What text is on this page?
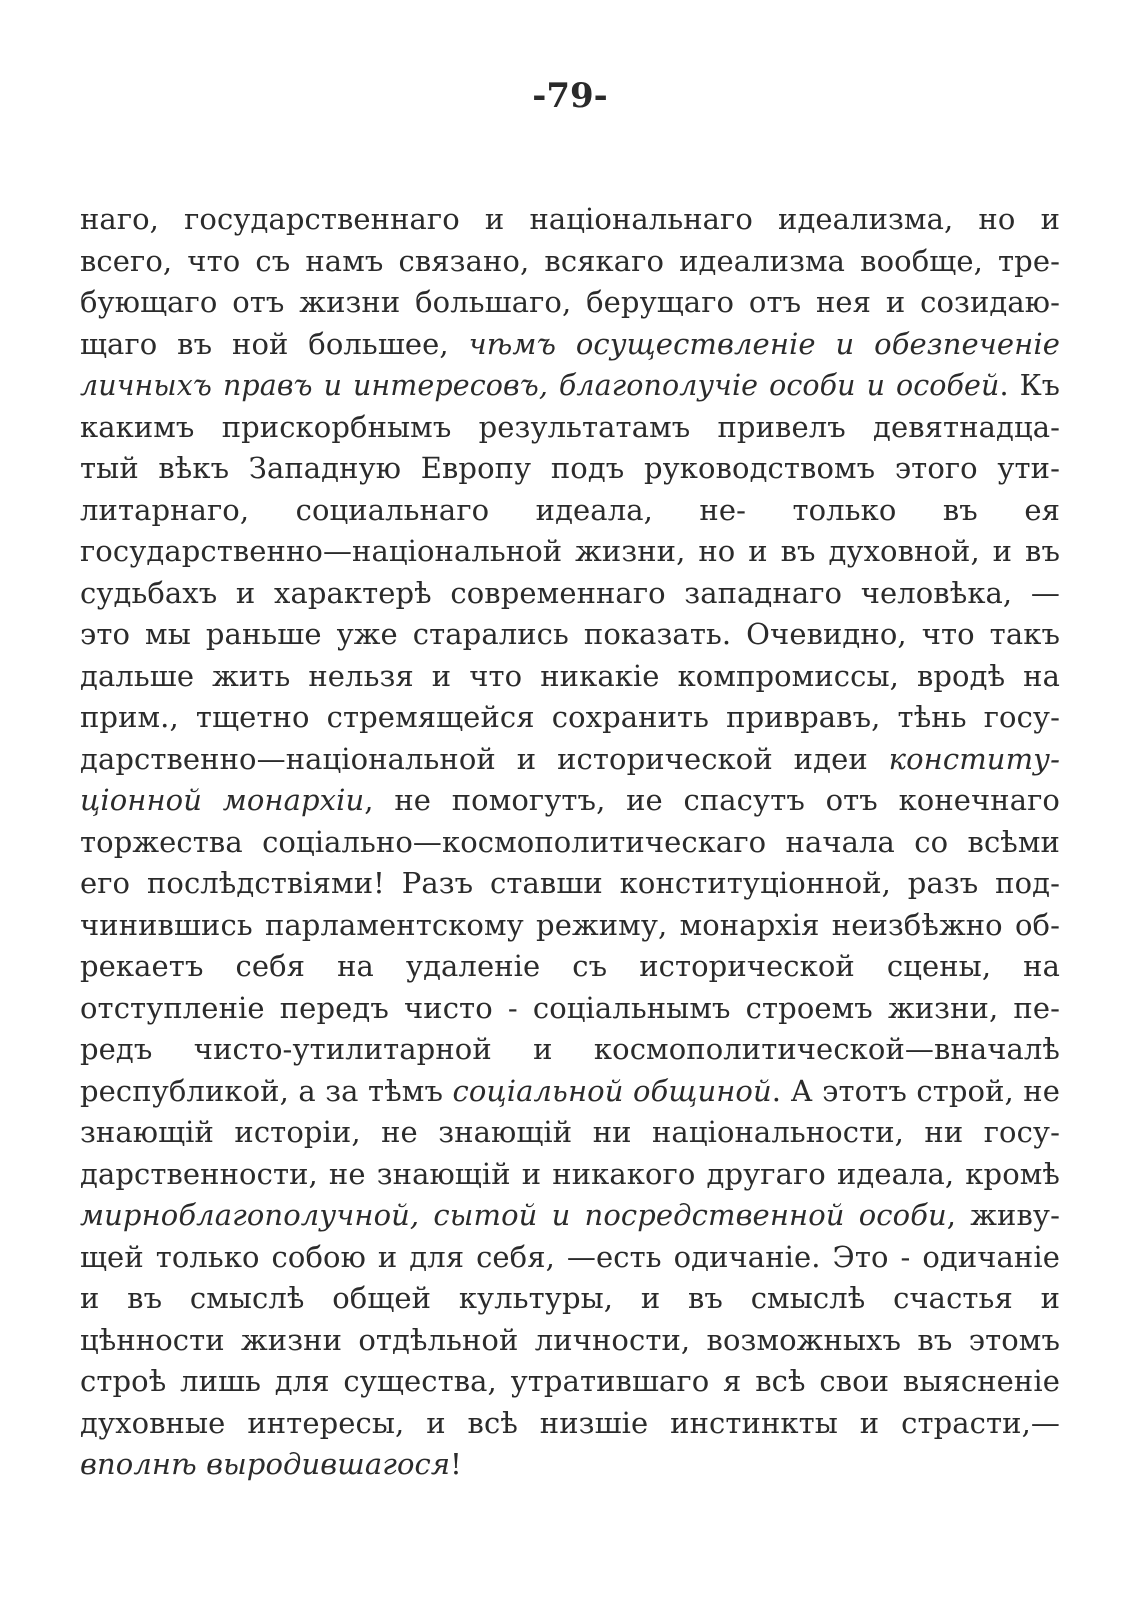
-79-
наго, государственнаго и національнаго идеализма, но и
всего, что съ намъ связано, всякаго идеализма вообще, тре-
бующаго отъ жизни большаго, берущаго отъ нея и созидаю-
щаго въ ной большее, чѣмъ осуществленіе и обезпеченіе
личныхъ правъ и интересовъ, благополучіе особи и особей. Къ
какимъ прискорбнымъ результатамъ привелъ девятнадца-
тый вѣкъ Западную Европу подъ руководствомъ этого ути-
литарнаго, социальнаго идеала, не- только въ ея
государственно—національной жизни, но и въ духовной, и въ
судьбахъ и характерѣ современнаго западнаго человѣка, —
это мы раньше уже старались показать. Очевидно, что такъ
дальше жить нельзя и что никакіе компромиссы, вродѣ на
прим., тщетно стремящейся сохранить привравъ, тѣнь госу-
дарственно—національной и исторической идеи конститу-
ціонной монархіи, не помогутъ, ие спасутъ отъ конечнаго
торжества соціально—космополитическаго начала со всѣми
его послѣдствіями! Разъ ставши конституціонной, разъ под-
чинившись парламентскому режиму, монархія неизбѣжно об-
рекаетъ себя на удаленіе съ исторической сцены, на
отступленіе передъ чисто - соціальнымъ строемъ жизни, пе-
редъ чисто-утилитарной и космополитической—вначалѣ
республикой, а за тѣмъ соціальной общиной. А этотъ строй, не
знающій исторіи, не знающій ни національности, ни госу-
дарственности, не знающій и никакого другаго идеала, кромѣ
мирноблагополучной, сытой и посредственной особи, живу-
щей только собою и для себя, —есть одичаніе. Это - одичаніе
и въ смыслѣ общей культуры, и въ смыслѣ счастья и
цѣнности жизни отдѣльной личности, возможныхъ въ этомъ
строѣ лишь для существа, утратившаго я всѣ свои выясненіе
духовные интересы, и всѣ низшіе инстинкты и страсти,—
вполнѣ выродившагося!
